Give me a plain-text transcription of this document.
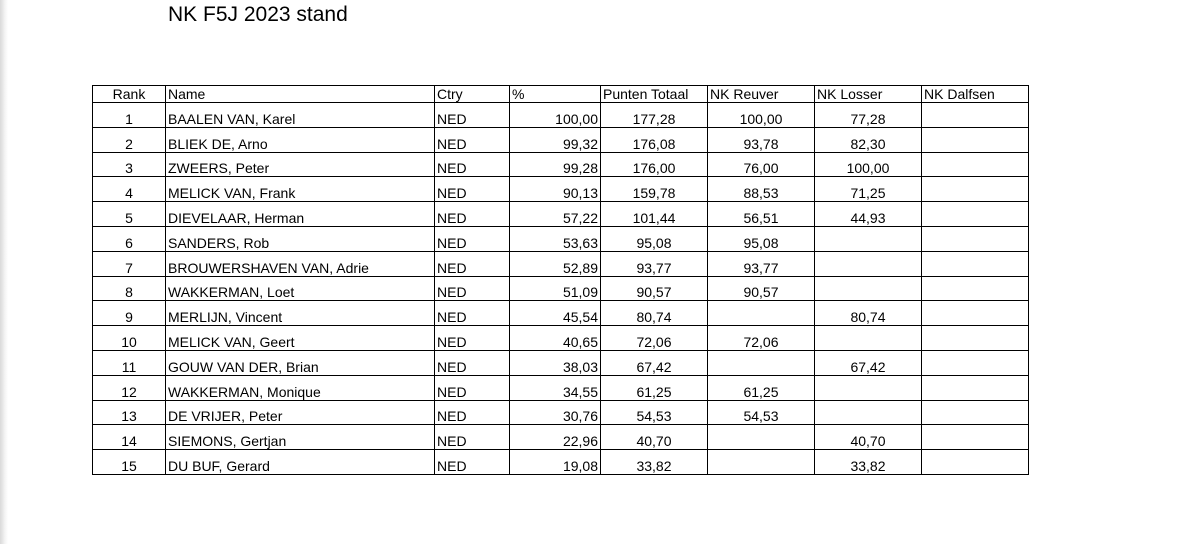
NK F5J 2023 stand
Rank	Name	Ctry	%	Punten Totaal	NK Reuver	NK Losser	NK Dalfsen
1	BAALEN VAN, Karel	NED	100,00	177,28	100,00	77,28	
2	BLIEK DE, Arno	NED	99,32	176,08	93,78	82,30	
3	ZWEERS, Peter	NED	99,28	176,00	76,00	100,00	
4	MELICK VAN, Frank	NED	90,13	159,78	88,53	71,25	
5	DIEVELAAR, Herman	NED	57,22	101,44	56,51	44,93	
6	SANDERS, Rob	NED	53,63	95,08	95,08		
7	BROUWERSHAVEN VAN, Adrie	NED	52,89	93,77	93,77		
8	WAKKERMAN, Loet	NED	51,09	90,57	90,57		
9	MERLIJN, Vincent	NED	45,54	80,74		80,74	
10	MELICK VAN, Geert	NED	40,65	72,06	72,06		
11	GOUW VAN DER, Brian	NED	38,03	67,42		67,42	
12	WAKKERMAN, Monique	NED	34,55	61,25	61,25		
13	DE VRIJER, Peter	NED	30,76	54,53	54,53		
14	SIEMONS, Gertjan	NED	22,96	40,70		40,70	
15	DU BUF, Gerard	NED	19,08	33,82		33,82	
